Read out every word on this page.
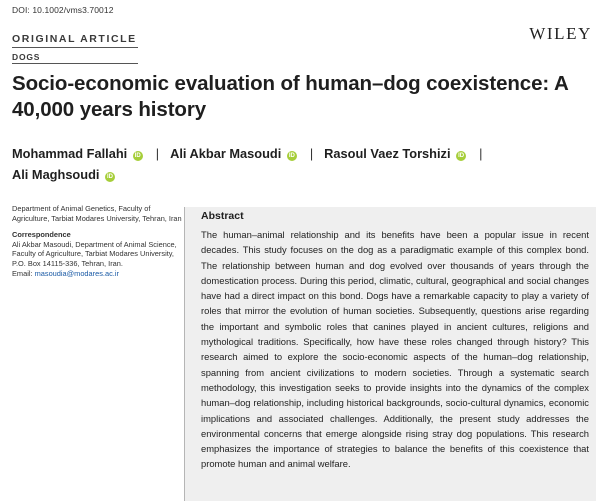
DOI: 10.1002/vms3.70012
ORIGINAL ARTICLE
DOGS
WILEY
Socio-economic evaluation of human–dog coexistence: A 40,000 years history
Mohammad Fallahi ID | Ali Akbar Masoudi ID | Rasoul Vaez Torshizi ID |
Ali Maghsoudi ID

Department of Animal Genetics, Faculty of Agriculture, Tarbiat Modares University, Tehran, Iran

Correspondence

Ali Akbar Masoudi, Department of Animal Science, Faculty of Agriculture, Tarbiat Modares University, P.O. Box 14115-336, Tehran, Iran.

Email: masoudia@modares.ac.ir

Abstract

The human–animal relationship and its benefits have been a popular issue in recent decades. This study focuses on the dog as a paradigmatic example of this complex bond. The relationship between human and dog evolved over thousands of years through the domestication process. During this period, climatic, cultural, geographical and social changes have had a direct impact on this bond. Dogs have a remarkable capacity to play a variety of roles that mirror the evolution of human societies. Subsequently, questions arise regarding the important and symbolic roles that canines played in ancient cultures, religions and mythological traditions. Specifically, how have these roles changed through history? This research aimed to explore the socio-economic aspects of the human–dog relationship, spanning from ancient civilizations to modern societies. Through a systematic search methodology, this investigation seeks to provide insights into the dynamics of the complex human–dog relationship, including historical backgrounds, socio-cultural dynamics, economic implications and associated challenges. Additionally, the present study addresses the environmental concerns that emerge alongside rising stray dog populations. This research emphasizes the importance of strategies to balance the benefits of this coexistence that promote human and animal welfare.
